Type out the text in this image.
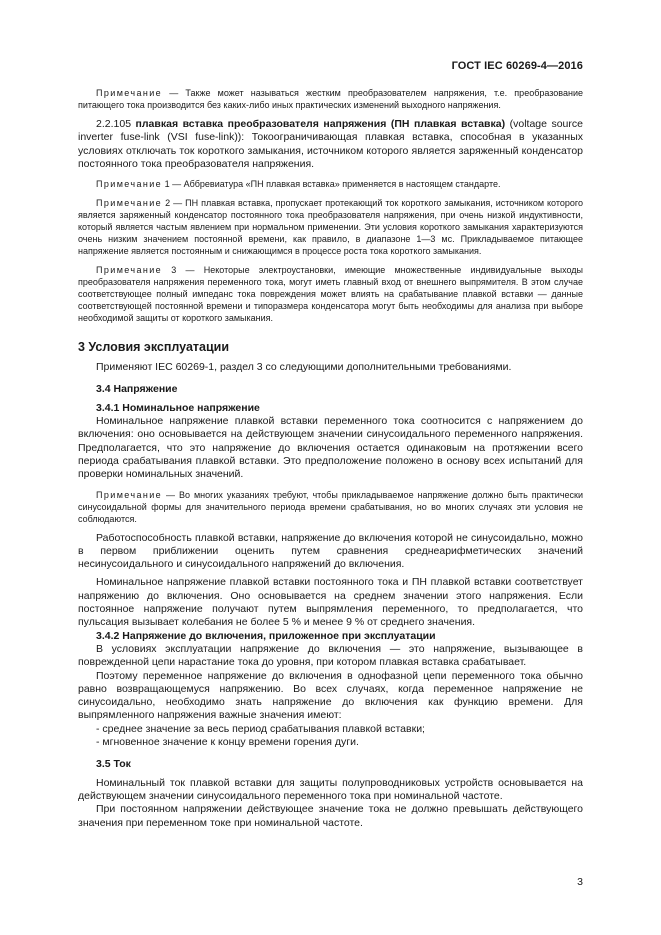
ГОСТ IEC 60269-4—2016

Примечание — Также может называться жестким преобразователем напряжения, т.е. преобразование питающего тока производится без каких-либо иных практических изменений выходного напряжения.

2.2.105 плавкая вставка преобразователя напряжения (ПН плавкая вставка) (voltage source inverter fuse-link (VSI fuse-link)): Токоограничивающая плавкая вставка, способная в указанных условиях отключать ток короткого замыкания, источником которого является заряженный конденсатор постоянного тока преобразователя напряжения.

Примечание 1 — Аббревиатура «ПН плавкая вставка» применяется в настоящем стандарте.

Примечание 2 — ПН плавкая вставка, пропускает протекающий ток короткого замыкания, источником которого является заряженный конденсатор постоянного тока преобразователя напряжения, при очень низкой индуктивности, который является частым явлением при нормальном применении. Эти условия короткого замыкания характеризуются очень низким значением постоянной времени, как правило, в диапазоне 1—3 мс. Прикладываемое питающее напряжение является постоянным и снижающимся в процессе роста тока короткого замыкания.

Примечание 3 — Некоторые электроустановки, имеющие множественные индивидуальные выходы преобразователя напряжения переменного тока, могут иметь главный вход от внешнего выпрямителя. В этом случае соответствующее полный импеданс тока повреждения может влиять на срабатывание плавкой вставки — данные соответствующей постоянной времени и типоразмера конденсатора могут быть необходимы для анализа при выборе необходимой защиты от короткого замыкания.

3 Условия эксплуатации

Применяют IEC 60269-1, раздел 3 со следующими дополнительными требованиями.

3.4 Напряжение
3.4.1 Номинальное напряжение

Номинальное напряжение плавкой вставки переменного тока соотносится с напряжением до включения: оно основывается на действующем значении синусоидального переменного напряжения. Предполагается, что это напряжение до включения остается одинаковым на протяжении всего периода срабатывания плавкой вставки. Это предположение положено в основу всех испытаний для проверки номинальных значений.

Примечание — Во многих указаниях требуют, чтобы прикладываемое напряжение должно быть практически синусоидальной формы для значительного периода времени срабатывания, но во многих случаях эти условия не соблюдаются.

Работоспособность плавкой вставки, напряжение до включения которой не синусоидально, можно в первом приближении оценить путем сравнения среднеарифметических значений несинусоидального и синусоидального напряжений до включения.

Номинальное напряжение плавкой вставки постоянного тока и ПН плавкой вставки соответствует напряжению до включения. Оно основывается на среднем значении этого напряжения. Если постоянное напряжение получают путем выпрямления переменного, то предполагается, что пульсация вызывает колебания не более 5 % и менее 9 % от среднего значения.

3.4.2 Напряжение до включения, приложенное при эксплуатации

В условиях эксплуатации напряжение до включения — это напряжение, вызывающее в поврежденной цепи нарастание тока до уровня, при котором плавкая вставка срабатывает.

Поэтому переменное напряжение до включения в однофазной цепи переменного тока обычно равно возвращающемуся напряжению. Во всех случаях, когда переменное напряжение не синусоидально, необходимо знать напряжение до включения как функцию времени. Для выпрямленного напряжения важные значения имеют:

- среднее значение за весь период срабатывания плавкой вставки;
- мгновенное значение к концу времени горения дуги.
3.5 Ток

Номинальный ток плавкой вставки для защиты полупроводниковых устройств основывается на действующем значении синусоидального переменного тока при номинальной частоте.

При постоянном напряжении действующее значение тока не должно превышать действующего значения при переменном токе при номинальной частоте.

3
